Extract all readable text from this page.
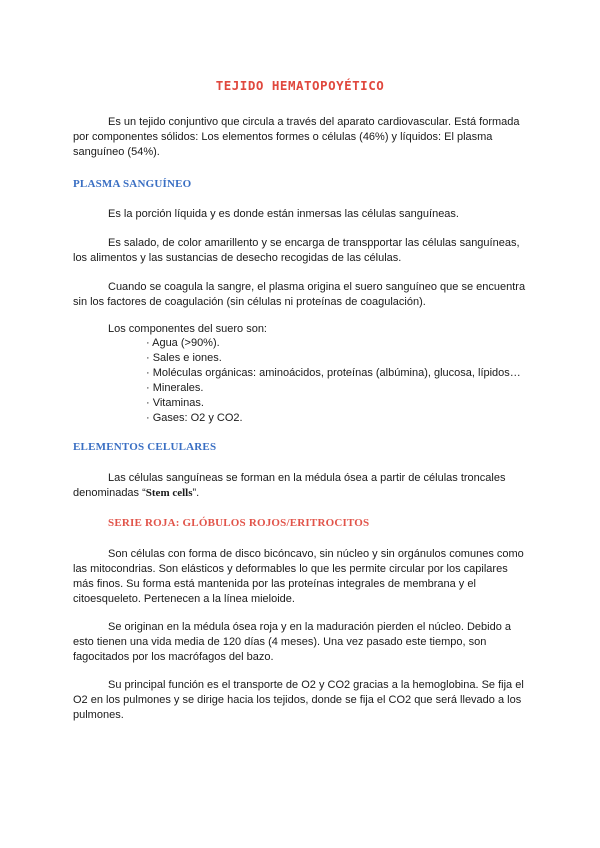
TEJIDO HEMATOPOYÉTICO

Es un tejido conjuntivo que circula a través del aparato cardiovascular. Está formada por componentes sólidos: Los elementos formes o células (46%) y líquidos: El plasma sanguíneo (54%).

PLASMA SANGUÍNEO

Es la porción líquida y es donde están inmersas las células sanguíneas.

Es salado, de color amarillento y se encarga de transpportar las células sanguíneas, los alimentos y las sustancias de desecho recogidas de las células.

Cuando se coagula la sangre, el plasma origina el suero sanguíneo que se encuentra sin los factores de coagulación (sin células ni proteínas de coagulación).

Los componentes del suero son:

· Agua (>90%).
· Sales e iones.
· Moléculas orgánicas: aminoácidos, proteínas (albúmina), glucosa, lípidos…
· Minerales.
· Vitaminas.
· Gases: O2 y CO2.
ELEMENTOS CELULARES

Las células sanguíneas se forman en la médula ósea a partir de células troncales denominadas “Stem cells”.

SERIE ROJA: GLÓBULOS ROJOS/ERITROCITOS

Son células con forma de disco bicóncavo, sin núcleo y sin orgánulos comunes como las mitocondrias. Son elásticos y deformables lo que les permite circular por los capilares más finos. Su forma está mantenida por las proteínas integrales de membrana y el citoesqueleto. Pertenecen a la línea mieloide.

Se originan en la médula ósea roja y en la maduración pierden el núcleo. Debido a esto tienen una vida media de 120 días (4 meses). Una vez pasado este tiempo, son fagocitados por los macrófagos del bazo.

Su principal función es el transporte de O2 y CO2 gracias a la hemoglobina. Se fija el O2 en los pulmones y se dirige hacia los tejidos, donde se fija el CO2 que será llevado a los pulmones.
